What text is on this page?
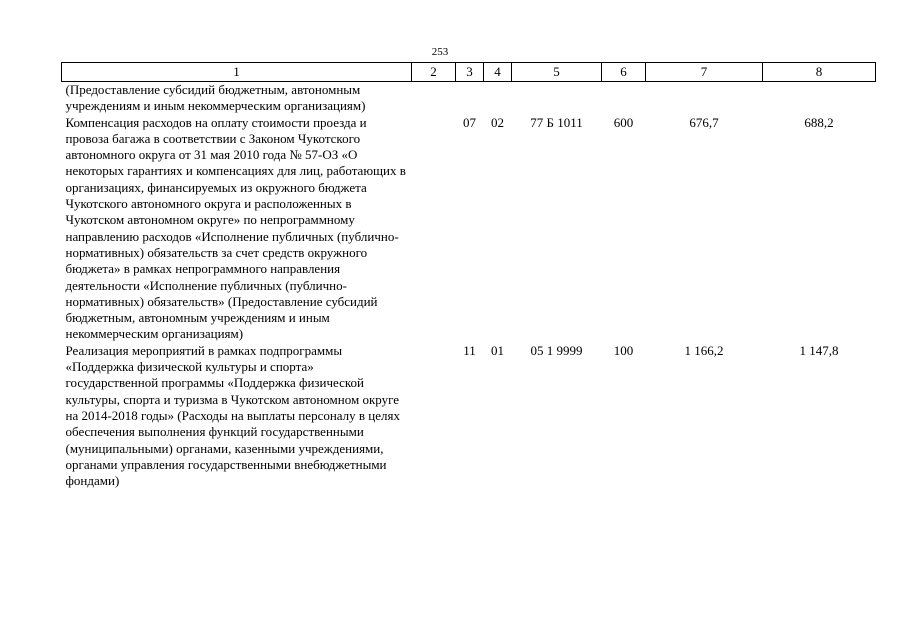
253
1	2	3	4	5	6	7	8
(Предоставление субсидий бюджетным, автономным учреждениям и иным некоммерческим организациям)							
Компенсация расходов на оплату стоимости проезда и провоза багажа в соответствии с Законом Чукотского автономного округа от 31 мая 2010 года № 57-ОЗ «О некоторых гарантиях и компенсациях для лиц, работающих в организациях, финансируемых из окружного бюджета Чукотского автономного округа и расположенных в Чукотском автономном округе» по непрограммному направлению расходов «Исполнение публичных (публично-нормативных) обязательств за счет средств окружного бюджета» в рамках непрограммного направления деятельности «Исполнение публичных (публично-нормативных) обязательств» (Предоставление субсидий бюджетным, автономным учреждениям и иным некоммерческим организациям)		07	02	77 Б 1011	600	676,7	688,2
Реализация мероприятий в рамках подпрограммы «Поддержка физической культуры и спорта» государственной программы «Поддержка физической культуры, спорта и туризма в Чукотском автономном округе на 2014-2018 годы» (Расходы на выплаты персоналу в целях обеспечения выполнения функций государственными (муниципальными) органами, казенными учреждениями, органами управления государственными внебюджетными фондами)		11	01	05 1 9999	100	1 166,2	1 147,8
